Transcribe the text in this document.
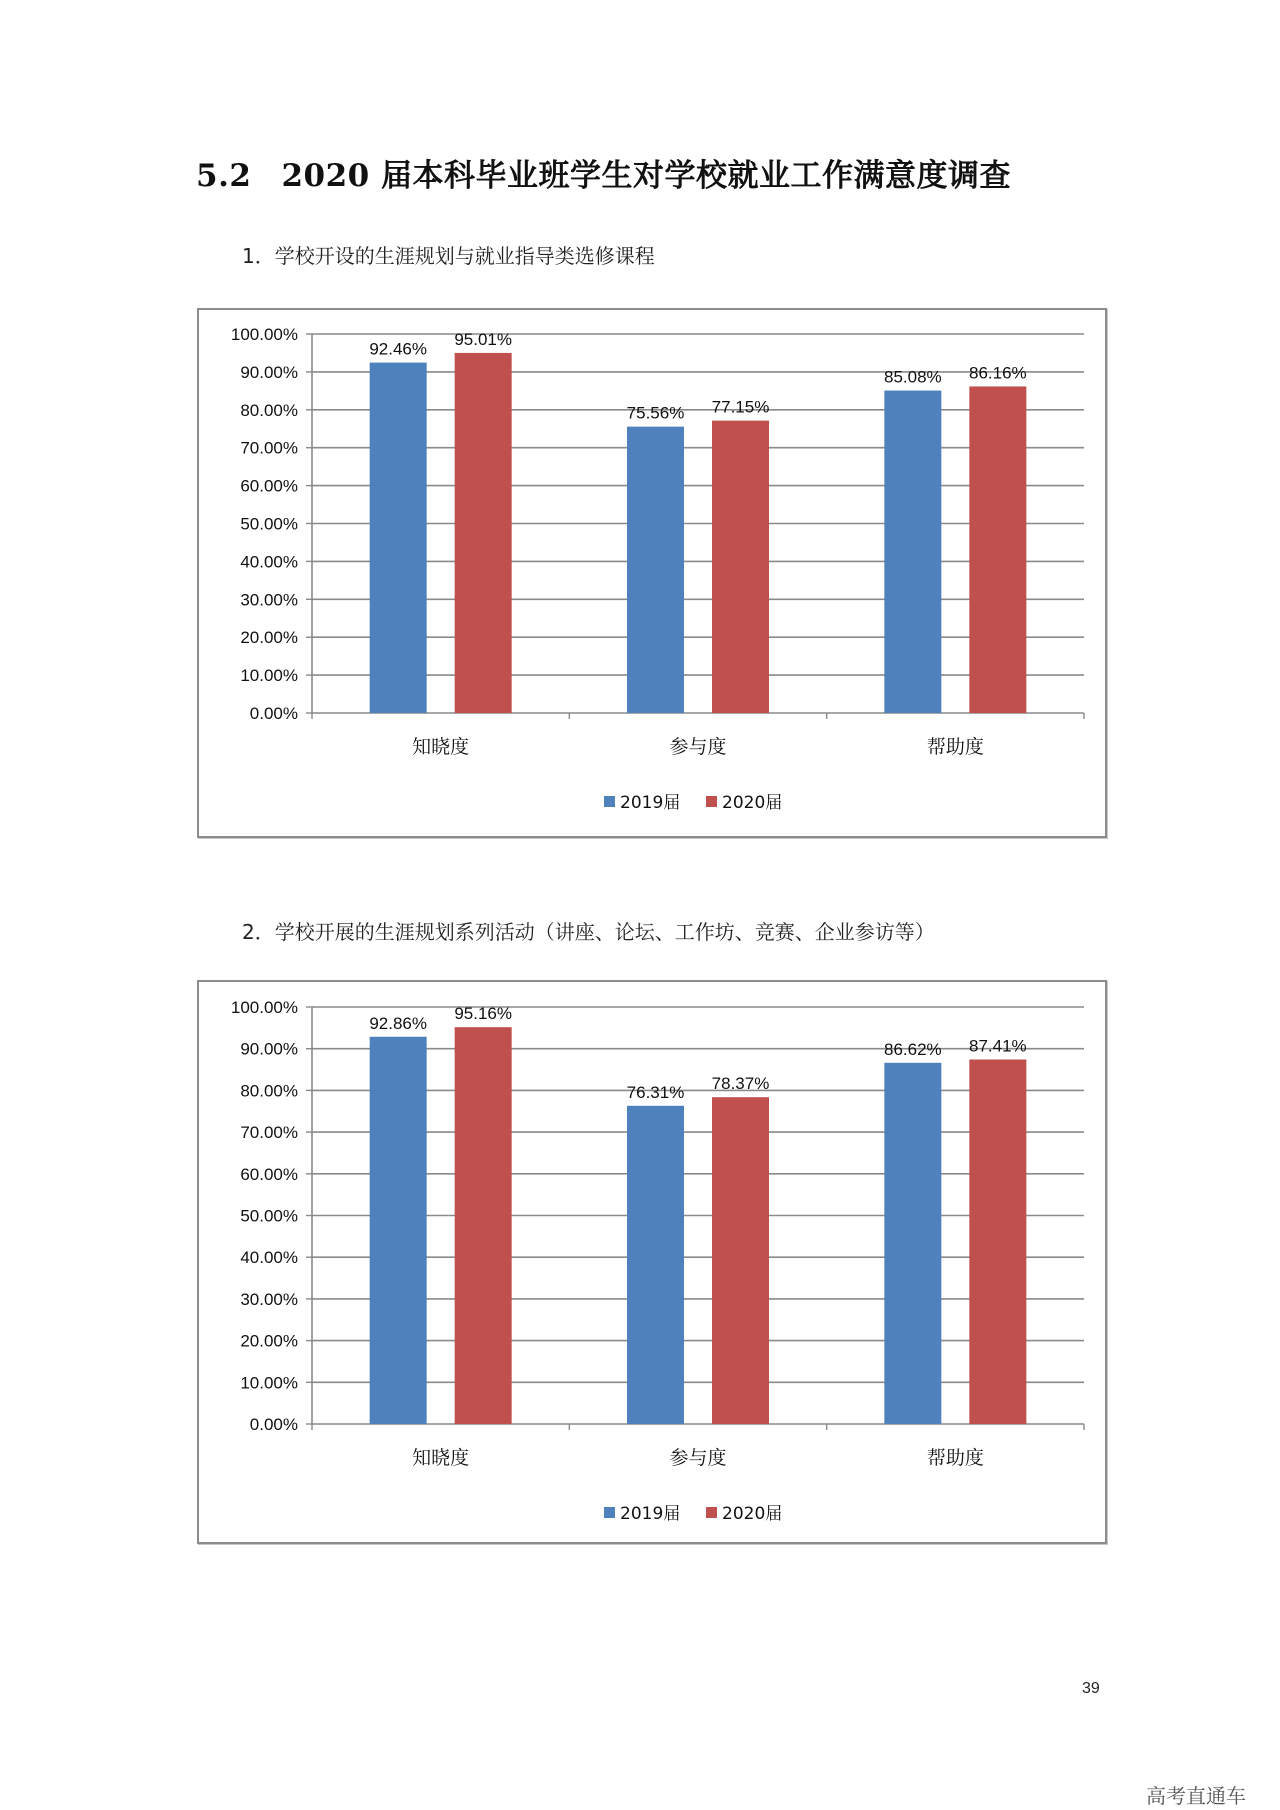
5.2 2020 届本科毕业班学生对学校就业工作满意度调查

1．学校开设的生涯规划与就业指导类选修课程

100.00%
90.00%
80.00%
70.00%
60.00%
50.00%
40.00%
30.00%
20.00%
10.00%
0.00%
92.46%
95.01%
知晓度
75.56% 77.15%
参与度
85.08% 86.16%
帮助度
2019届 2020届

2．学校开展的生涯规划系列活动（讲座、论坛、工作坊、竞赛、企业参访等）

100.00%
90.00%
80.00%
70.00%
60.00%
50.00%
40.00%
30.00%
20.00%
10.00%
0.00%
92.86%
95.16%
知晓度
76.31% 78.37%
参与度
86.62% 87.41%
帮助度
2019届 2020届
39
高考直通车
